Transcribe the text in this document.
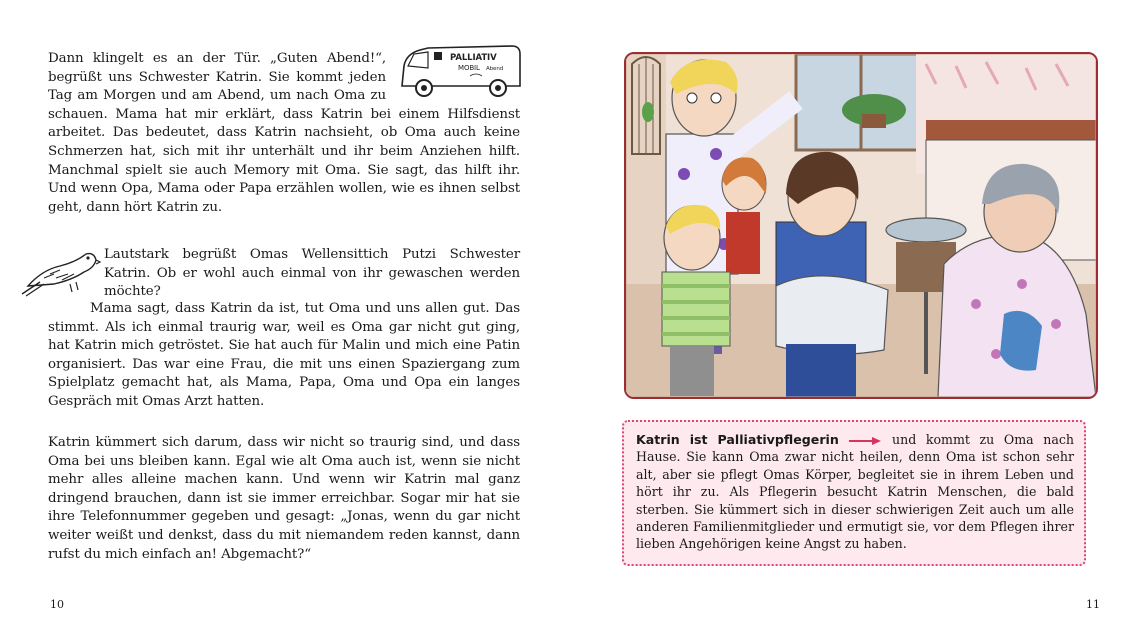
PALLIATIV
MOBIL Abend
Dann klingelt es an der Tür. „Guten Abend!“, begrüßt uns Schwester Katrin. Sie kommt jeden Tag am Morgen und am Abend, um nach Oma zu schauen. Mama hat mir erklärt, dass Katrin bei einem Hilfsdienst arbeitet. Das bedeutet, dass Katrin nachsieht, ob Oma auch keine Schmerzen hat, sich mit ihr unterhält und ihr beim Anziehen hilft. Manchmal spielt sie auch Memory mit Oma. Sie sagt, das hilft ihr. Und wenn Opa, Mama oder Papa erzählen wollen, wie es ihnen selbst geht, dann hört Katrin zu.

Lautstark begrüßt Omas Wellensittich Putzi Schwester Katrin. Ob er wohl auch einmal von ihr gewaschen werden möchte?

Mama sagt, dass Katrin da ist, tut Oma und uns allen gut. Das stimmt. Als ich einmal traurig war, weil es Oma gar nicht gut ging, hat Katrin mich getröstet. Sie hat auch für Malin und mich eine Patin organisiert. Das war eine Frau, die mit uns einen Spaziergang zum Spielplatz gemacht hat, als Mama, Papa, Oma und Opa ein langes Gespräch mit Omas Arzt hatten.

Katrin kümmert sich darum, dass wir nicht so traurig sind, und dass Oma bei uns bleiben kann. Egal wie alt Oma auch ist, wenn sie nicht mehr alles alleine machen kann. Und wenn wir Katrin mal ganz dringend brauchen, dann ist sie immer erreichbar. Sogar mir hat sie ihre Telefonnummer gegeben und gesagt: „Jonas, wenn du gar nicht weiter weißt und denkst, dass du mit niemandem reden kannst, dann rufst du mich einfach an! Abgemacht?“

10

Katrin ist Palliativpflegerin	und kommt zu Oma nach Hause. Sie kann Oma zwar nicht heilen, denn Oma ist schon sehr alt, aber sie pflegt Omas Körper, begleitet sie in ihrem Leben und hört ihr zu. Als Pflegerin besucht Katrin Menschen, die bald sterben. Sie kümmert sich in dieser schwierigen Zeit auch um alle anderen Familienmitglieder und ermutigt sie, vor dem Pflegen ihrer lieben Angehörigen keine Angst zu haben.

11
